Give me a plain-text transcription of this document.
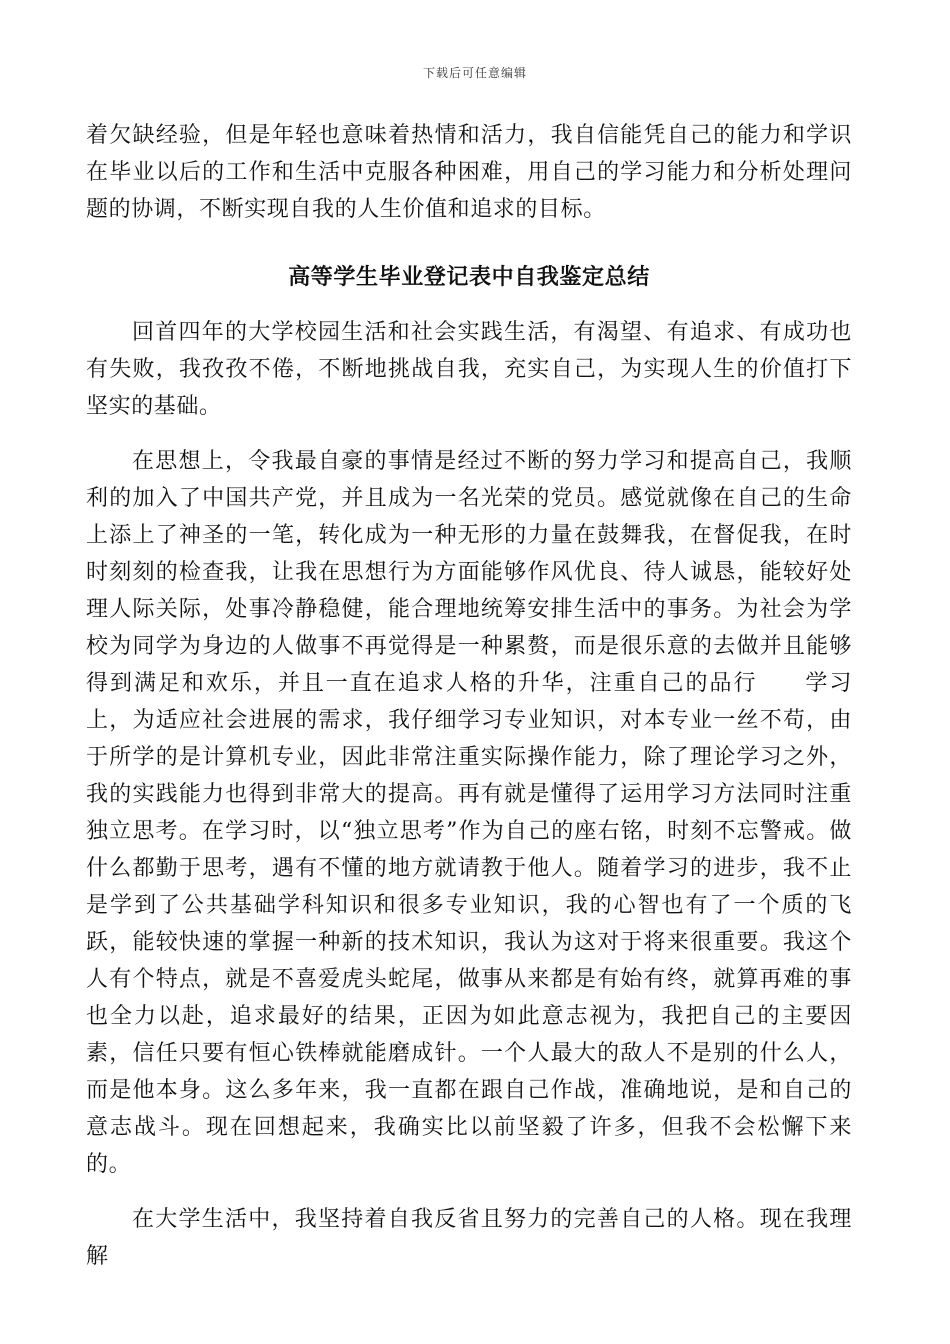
下载后可任意编辑

着欠缺经验，但是年轻也意味着热情和活力，我自信能凭自己的能力和学识在毕业以后的工作和生活中克服各种困难，用自己的学习能力和分析处理问题的协调，不断实现自我的人生价值和追求的目标。

高等学生毕业登记表中自我鉴定总结

回首四年的大学校园生活和社会实践生活，有渴望、有追求、有成功也有失败，我孜孜不倦，不断地挑战自我，充实自己，为实现人生的价值打下坚实的基础。

在思想上，令我最自豪的事情是经过不断的努力学习和提高自己，我顺利的加入了中国共产党，并且成为一名光荣的党员。感觉就像在自己的生命上添上了神圣的一笔，转化成为一种无形的力量在鼓舞我，在督促我，在时时刻刻的检查我，让我在思想行为方面能够作风优良、待人诚恳，能较好处理人际关际，处事冷静稳健，能合理地统筹安排生活中的事务。为社会为学校为同学为身边的人做事不再觉得是一种累赘，而是很乐意的去做并且能够得到满足和欢乐，并且一直在追求人格的升华，注重自己的品行　　学习上，为适应社会进展的需求，我仔细学习专业知识，对本专业一丝不苟，由于所学的是计算机专业，因此非常注重实际操作能力，除了理论学习之外，我的实践能力也得到非常大的提高。再有就是懂得了运用学习方法同时注重独立思考。在学习时，以“独立思考”作为自己的座右铭，时刻不忘警戒。做什么都勤于思考，遇有不懂的地方就请教于他人。随着学习的进步，我不止是学到了公共基础学科知识和很多专业知识，我的心智也有了一个质的飞跃，能较快速的掌握一种新的技术知识，我认为这对于将来很重要。我这个人有个特点，就是不喜爱虎头蛇尾，做事从来都是有始有终，就算再难的事也全力以赴，追求最好的结果，正因为如此意志视为，我把自己的主要因素，信任只要有恒心铁棒就能磨成针。一个人最大的敌人不是别的什么人，而是他本身。这么多年来，我一直都在跟自己作战，准确地说，是和自己的意志战斗。现在回想起来，我确实比以前坚毅了许多，但我不会松懈下来的。

在大学生活中，我坚持着自我反省且努力的完善自己的人格。现在我理解
